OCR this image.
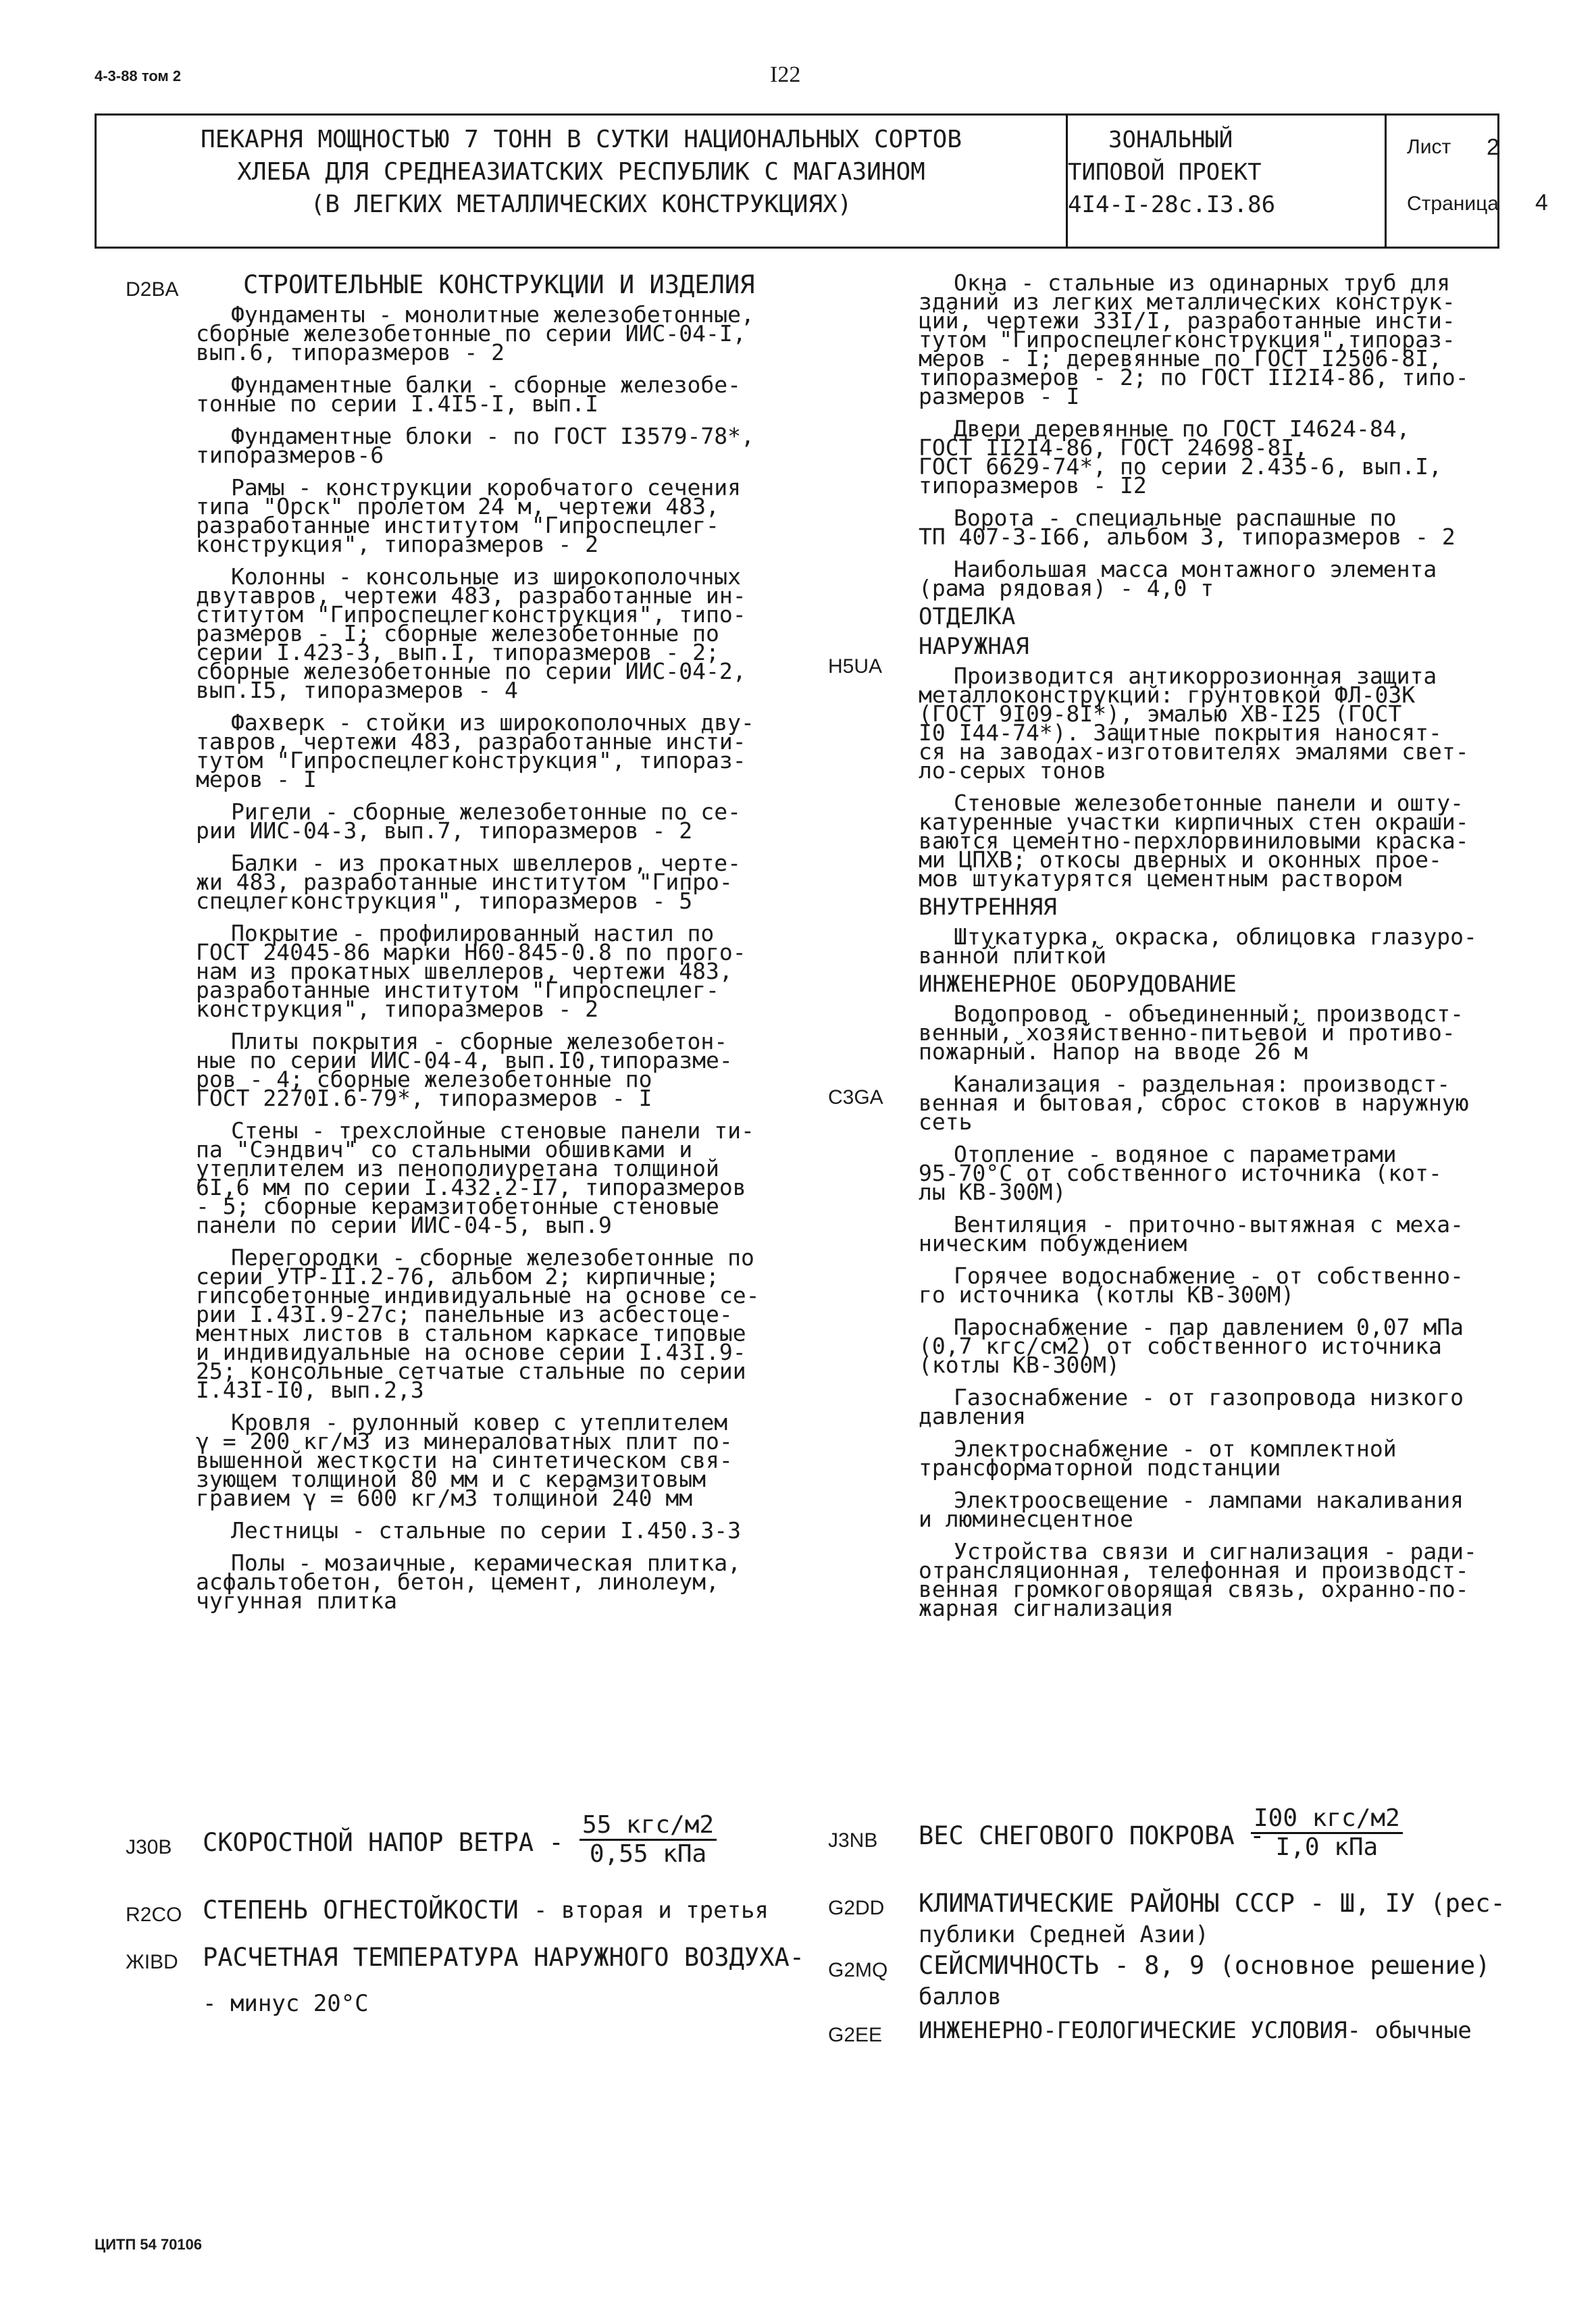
4-3-88 том 2	I22
ПЕКАРНЯ МОЩНОСТЬЮ 7 ТОНН В СУТКИ НАЦИОНАЛЬНЫХ СОРТОВ
ХЛЕБА ДЛЯ СРЕДНЕАЗИАТСКИХ РЕСПУБЛИК С МАГАЗИНОМ
(В ЛЕГКИХ МЕТАЛЛИЧЕСКИХ КОНСТРУКЦИЯХ)
ЗОНАЛЬНЫЙ
ТИПОВОЙ ПРОЕКТ
4I4-I-28с.I3.86
Лист 2
Страница 4
D2BA	СТРОИТЕЛЬНЫЕ КОНСТРУКЦИИ И ИЗДЕЛИЯ

Фундаменты - монолитные железобетонные,
сборные железобетонные по серии ИИС-04-I,
вып.6, типоразмеров - 2

Фундаментные балки - сборные железобе-
тонные по серии I.4I5-I, вып.I

Фундаментные блоки - по ГОСТ I3579-78*,
типоразмеров-6

Рамы - конструкции коробчатого сечения
типа "Орск" пролетом 24 м, чертежи 483,
разработанные институтом "Гипроспецлег-
конструкция", типоразмеров - 2

Колонны - консольные из широкополочных
двутавров, чертежи 483, разработанные ин-
ститутом "Гипроспецлегконструкция", типо-
размеров - I; сборные железобетонные по
серии I.423-3, вып.I, типоразмеров - 2;
сборные железобетонные по серии ИИС-04-2,
вып.I5, типоразмеров - 4

Фахверк - стойки из широкополочных дву-
тавров, чертежи 483, разработанные инсти-
тутом "Гипроспецлегконструкция", типораз-
меров - I

Ригели - сборные железобетонные по се-
рии ИИС-04-3, вып.7, типоразмеров - 2

Балки - из прокатных швеллеров, черте-
жи 483, разработанные институтом "Гипро-
спецлегконструкция", типоразмеров - 5

Покрытие - профилированный настил по
ГОСТ 24045-86 марки Н60-845-0.8 по прого-
нам из прокатных швеллеров, чертежи 483,
разработанные институтом "Гипроспецлег-
конструкция", типоразмеров - 2

Плиты покрытия - сборные железобетон-
ные по серии ИИС-04-4, вып.I0,типоразме-
ров - 4; сборные железобетонные по
ГОСТ 2270I.6-79*, типоразмеров - I

Стены - трехслойные стеновые панели ти-
па "Сэндвич" со стальными обшивками и
утеплителем из пенополиуретана толщиной
6I,6 мм по серии I.432.2-I7, типоразмеров
- 5; сборные керамзитобетонные стеновые
панели по серии ИИС-04-5, вып.9

Перегородки - сборные железобетонные по
серии УТР-II.2-76, альбом 2; кирпичные;
гипсобетонные индивидуальные на основе се-
рии I.43I.9-27с; панельные из асбестоце-
ментных листов в стальном каркасе типовые
и индивидуальные на основе серии I.43I.9-
25; консольные сетчатые стальные по серии
I.43I-I0, вып.2,3

Кровля - рулонный ковер с утеплителем
γ = 200 кг/м3 из минераловатных плит по-
вышенной жесткости на синтетическом свя-
зующем толщиной 80 мм и с керамзитовым
гравием γ = 600 кг/м3 толщиной 240 мм

Лестницы - стальные по серии I.450.3-3

Полы - мозаичные, керамическая плитка,
асфальтобетон, бетон, цемент, линолеум,
чугунная плитка

Окна - стальные из одинарных труб для
зданий из легких металлических конструк-
ций, чертежи 33I/I, разработанные инсти-
тутом "Гипроспецлегконструкция",типораз-
меров - I; деревянные по ГОСТ I2506-8I,
типоразмеров - 2; по ГОСТ II2I4-86, типо-
размеров - I

Двери деревянные по ГОСТ I4624-84,
ГОСТ II2I4-86, ГОСТ 24698-8I,
ГОСТ 6629-74*, по серии 2.435-6, вып.I,
типоразмеров - I2

Ворота - специальные распашные по
ТП 407-3-I66, альбом 3, типоразмеров - 2

Наибольшая масса монтажного элемента
(рама рядовая) - 4,0 т

ОТДЕЛКА
НАРУЖНАЯ

Производится антикоррозионная защита
металлоконструкций: грунтовкой ФЛ-03К
(ГОСТ 9I09-8I*), эмалью ХВ-I25 (ГОСТ
I0 I44-74*). Защитные покрытия наносят-
ся на заводах-изготовителях эмалями свет-
ло-серых тонов

Стеновые железобетонные панели и ошту-
катуренные участки кирпичных стен окраши-
ваются цементно-перхлорвиниловыми краска-
ми ЦПХВ; откосы дверных и оконных прое-
мов штукатурятся цементным раствором

ВНУТРЕННЯЯ

Штукатурка, окраска, облицовка глазуро-
ванной плиткой

ИНЖЕНЕРНОЕ ОБОРУДОВАНИЕ

Водопровод - объединенный; производст-
венный, хозяйственно-питьевой и противо-
пожарный. Напор на вводе 26 м

Канализация - раздельная: производст-
венная и бытовая, сброс стоков в наружную
сеть

Отопление - водяное с параметрами
95-70°С от собственного источника (кот-
лы КВ-300М)

Вентиляция - приточно-вытяжная с меха-
ническим побуждением

Горячее водоснабжение - от собственно-
го источника (котлы КВ-300М)

Пароснабжение - пар давлением 0,07 мПа
(0,7 кгс/см2) от собственного источника
(котлы КВ-300М)

Газоснабжение - от газопровода низкого
давления

Электроснабжение - от комплектной
трансформаторной подстанции

Электроосвещение - лампами накаливания
и люминесцентное

Устройства связи и сигнализация - ради-
отрансляционная, телефонная и производст-
венная громкоговорящая связь, охранно-по-
жарная сигнализация

H5UA
C3GA
J30B СКОРОСТНОЙ НАПОР ВЕТРА -
55 кгс/м2
0,55 кПа
R2CO СТЕПЕНЬ ОГНЕСТОЙКОСТИ - вторая и третья
ЖIBD РАСЧЕТНАЯ ТЕМПЕРАТУРА НАРУЖНОГО ВОЗДУХА-
- минус 20°С
J3NB ВЕС СНЕГОВОГО ПОКРОВА -
I00 кгс/м2
I,0 кПа
G2DD КЛИМАТИЧЕСКИЕ РАЙОНЫ СССР - Ш, IУ (рес-
публики Средней Азии)
G2MQ СЕЙСМИЧНОСТЬ - 8, 9 (основное решение)
баллов
G2EE ИНЖЕНЕРНО-ГЕОЛОГИЧЕСКИЕ УСЛОВИЯ- обычные
ЦИТП 54 70106
